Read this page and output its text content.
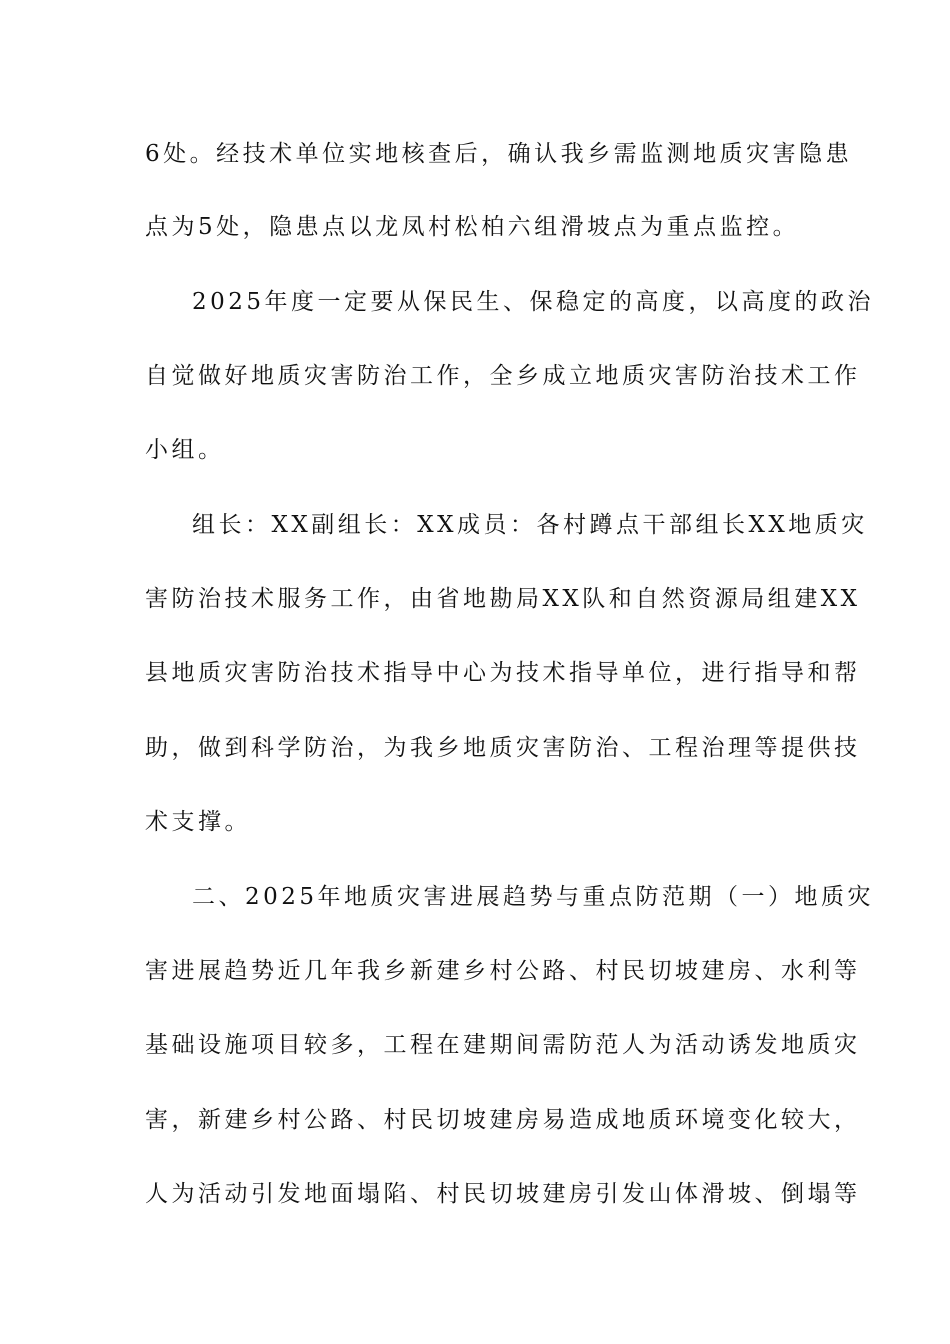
6处。经技术单位实地核查后，确认我乡需监测地质灾害隐患
点为5处，隐患点以龙凤村松柏六组滑坡点为重点监控。
2025年度一定要从保民生、保稳定的高度，以高度的政治
自觉做好地质灾害防治工作，全乡成立地质灾害防治技术工作
小组。
组长：XX副组长：XX成员：各村蹲点干部组长XX地质灾
害防治技术服务工作，由省地勘局XX队和自然资源局组建XX
县地质灾害防治技术指导中心为技术指导单位，进行指导和帮
助，做到科学防治，为我乡地质灾害防治、工程治理等提供技
术支撑。
二、2025年地质灾害进展趋势与重点防范期（一）地质灾
害进展趋势近几年我乡新建乡村公路、村民切坡建房、水利等
基础设施项目较多，工程在建期间需防范人为活动诱发地质灾
害，新建乡村公路、村民切坡建房易造成地质环境变化较大，
人为活动引发地面塌陷、村民切坡建房引发山体滑坡、倒塌等
